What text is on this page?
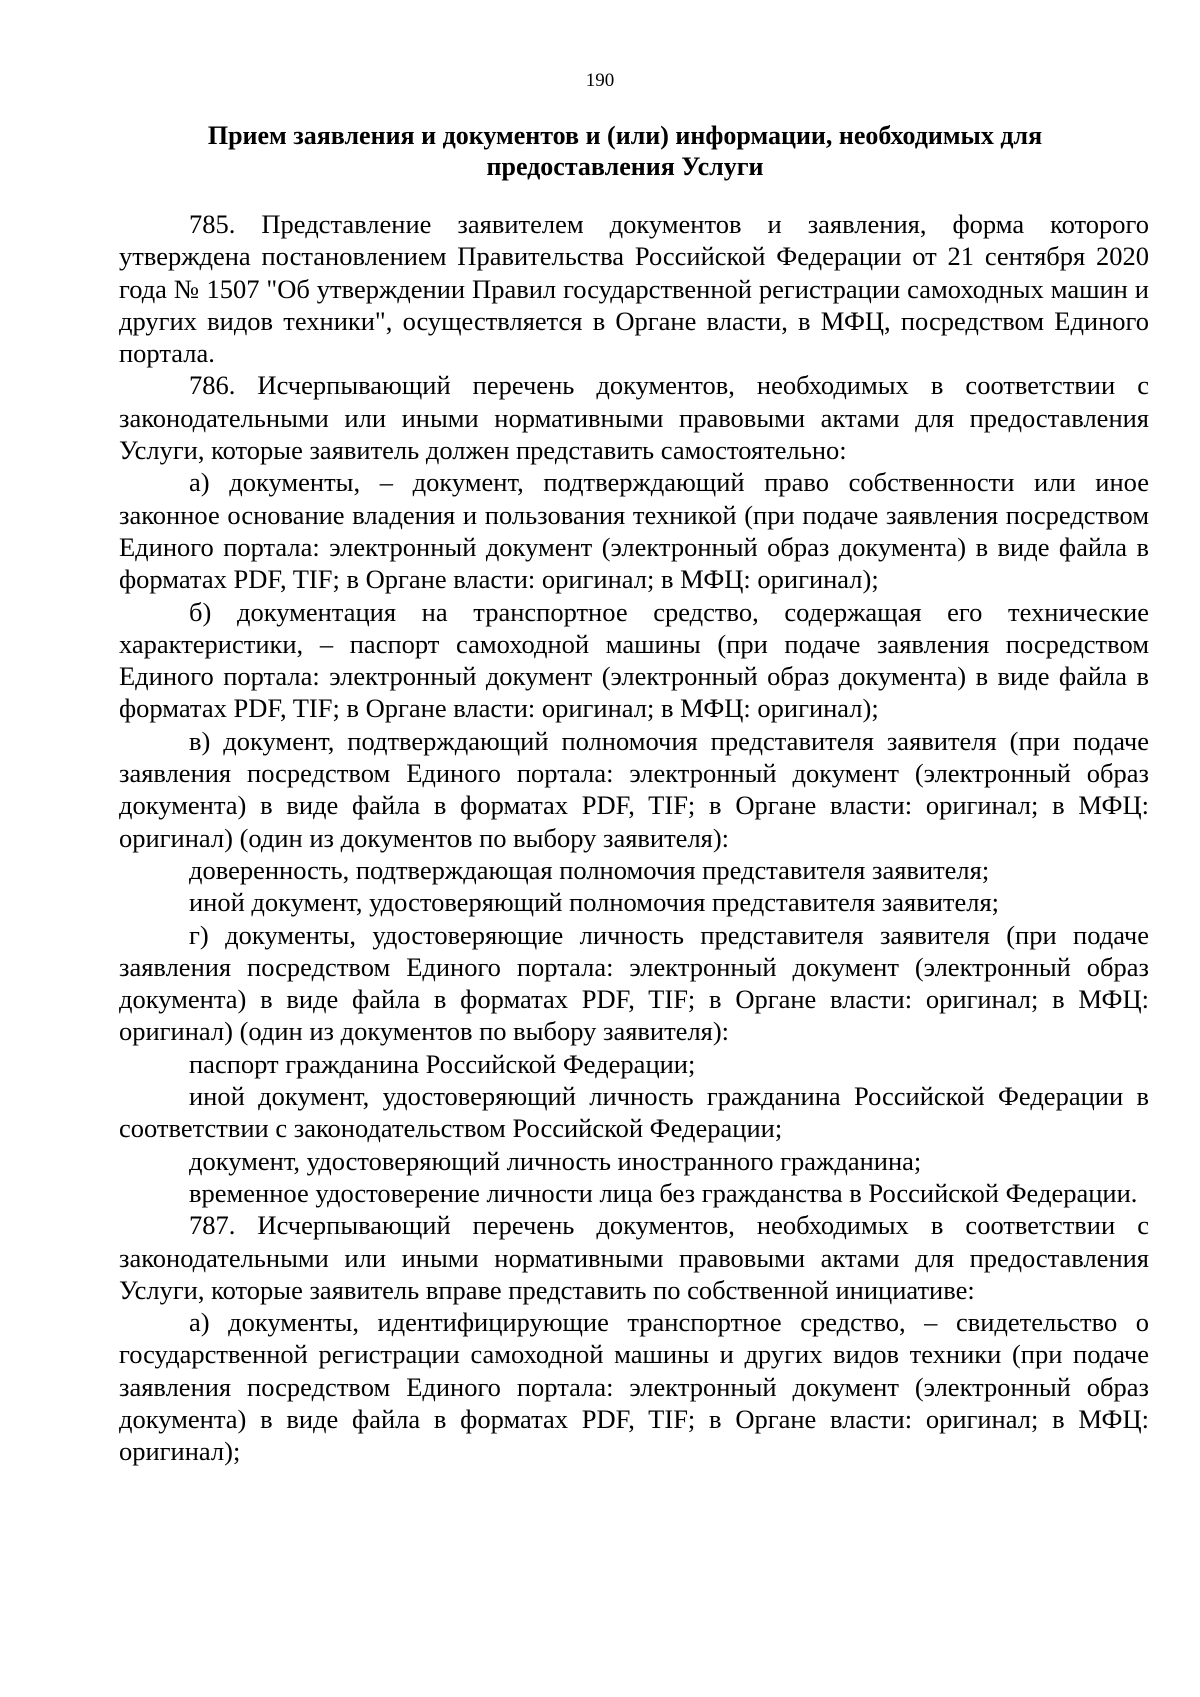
190
Прием заявления и документов и (или) информации, необходимых для предоставления Услуги

785. Представление заявителем документов и заявления, форма которого утверждена постановлением Правительства Российской Федерации от 21 сентября 2020 года № 1507 "Об утверждении Правил государственной регистрации самоходных машин и других видов техники", осуществляется в Органе власти, в МФЦ, посредством Единого портала.

786. Исчерпывающий перечень документов, необходимых в соответствии с законодательными или иными нормативными правовыми актами для предоставления Услуги, которые заявитель должен представить самостоятельно:

а) документы, – документ, подтверждающий право собственности или иное законное основание владения и пользования техникой (при подаче заявления посредством Единого портала: электронный документ (электронный образ документа) в виде файла в форматах PDF, TIF; в Органе власти: оригинал; в МФЦ: оригинал);

б) документация на транспортное средство, содержащая его технические характеристики, – паспорт самоходной машины (при подаче заявления посредством Единого портала: электронный документ (электронный образ документа) в виде файла в форматах PDF, TIF; в Органе власти: оригинал; в МФЦ: оригинал);

в) документ, подтверждающий полномочия представителя заявителя (при подаче заявления посредством Единого портала: электронный документ (электронный образ документа) в виде файла в форматах PDF, TIF; в Органе власти: оригинал; в МФЦ: оригинал) (один из документов по выбору заявителя):

доверенность, подтверждающая полномочия представителя заявителя;

иной документ, удостоверяющий полномочия представителя заявителя;

г) документы, удостоверяющие личность представителя заявителя (при подаче заявления посредством Единого портала: электронный документ (электронный образ документа) в виде файла в форматах PDF, TIF; в Органе власти: оригинал; в МФЦ: оригинал) (один из документов по выбору заявителя):

паспорт гражданина Российской Федерации;

иной документ, удостоверяющий личность гражданина Российской Федерации в соответствии с законодательством Российской Федерации;

документ, удостоверяющий личность иностранного гражданина;

временное удостоверение личности лица без гражданства в Российской Федерации.

787. Исчерпывающий перечень документов, необходимых в соответствии с законодательными или иными нормативными правовыми актами для предоставления Услуги, которые заявитель вправе представить по собственной инициативе:

а) документы, идентифицирующие транспортное средство, – свидетельство о государственной регистрации самоходной машины и других видов техники (при подаче заявления посредством Единого портала: электронный документ (электронный образ документа) в виде файла в форматах PDF, TIF; в Органе власти: оригинал; в МФЦ: оригинал);
